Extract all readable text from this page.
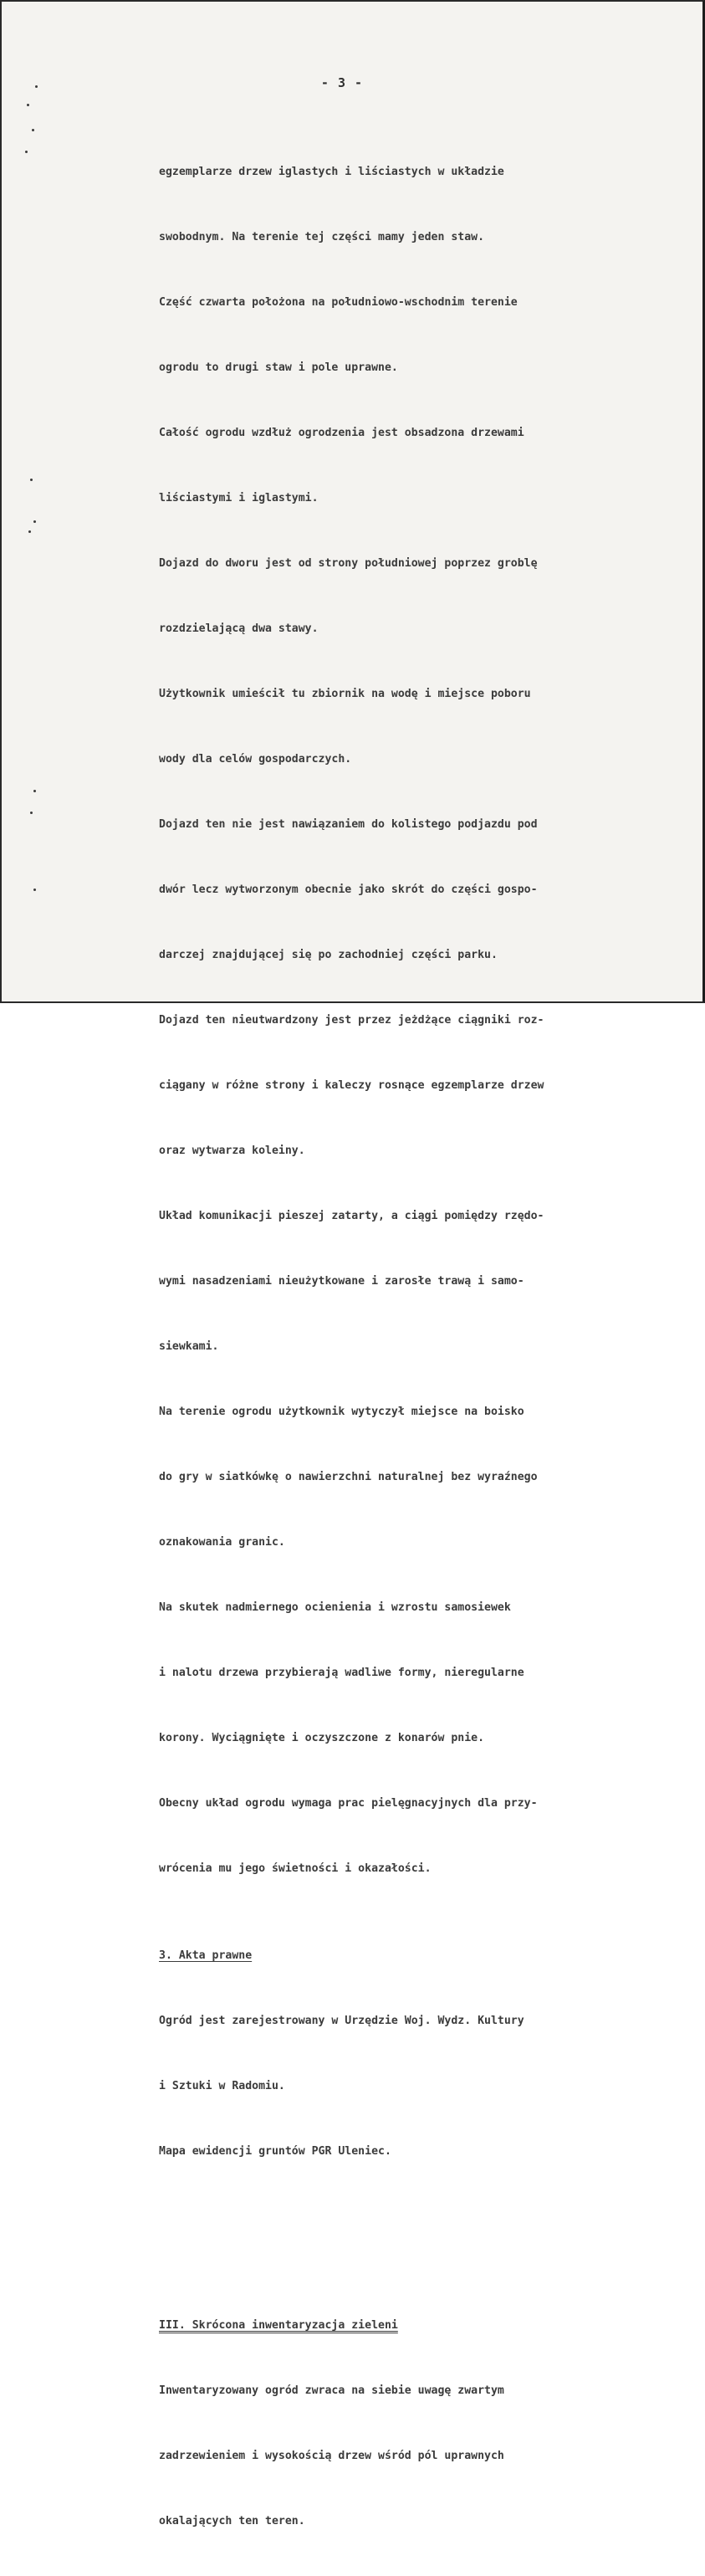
- 3 -

egzemplarze drzew iglastych i liściastych w układzie

swobodnym. Na terenie tej części mamy jeden staw.

Część czwarta położona na południowo-wschodnim terenie

ogrodu to drugi staw i pole uprawne.

Całość ogrodu wzdłuż ogrodzenia jest obsadzona drzewami

liściastymi i iglastymi.

Dojazd do dworu jest od strony południowej poprzez groblę

rozdzielającą dwa stawy.

Użytkownik umieścił tu zbiornik na wodę i miejsce poboru

wody dla celów gospodarczych.

Dojazd ten nie jest nawiązaniem do kolistego podjazdu pod

dwór lecz wytworzonym obecnie jako skrót do części gospo-

darczej znajdującej się po zachodniej części parku.

Dojazd ten nieutwardzony jest przez jeżdżące ciągniki roz-

ciągany w różne strony i kaleczy rosnące egzemplarze drzew

oraz wytwarza koleiny.

Układ komunikacji pieszej zatarty, a ciągi pomiędzy rzędo-

wymi nasadzeniami nieużytkowane i zarosłe trawą i samo-

siewkami.

Na terenie ogrodu użytkownik wytyczył miejsce na boisko

do gry w siatkówkę o nawierzchni naturalnej bez wyraźnego

oznakowania granic.

Na skutek nadmiernego ocienienia i wzrostu samosiewek

i nalotu drzewa przybierają wadliwe formy, nieregularne

korony. Wyciągnięte i oczyszczone z konarów pnie.

Obecny układ ogrodu wymaga prac pielęgnacyjnych dla przy-

wrócenia mu jego świetności i okazałości.

3. Akta prawne

Ogród jest zarejestrowany w Urzędzie Woj. Wydz. Kultury

i Sztuki w Radomiu.

Mapa ewidencji gruntów PGR Uleniec.

III. Skrócona inwentaryzacja zieleni

Inwentaryzowany ogród zwraca na siebie uwagę zwartym

zadrzewieniem i wysokością drzew wśród pól uprawnych

okalających ten teren.
